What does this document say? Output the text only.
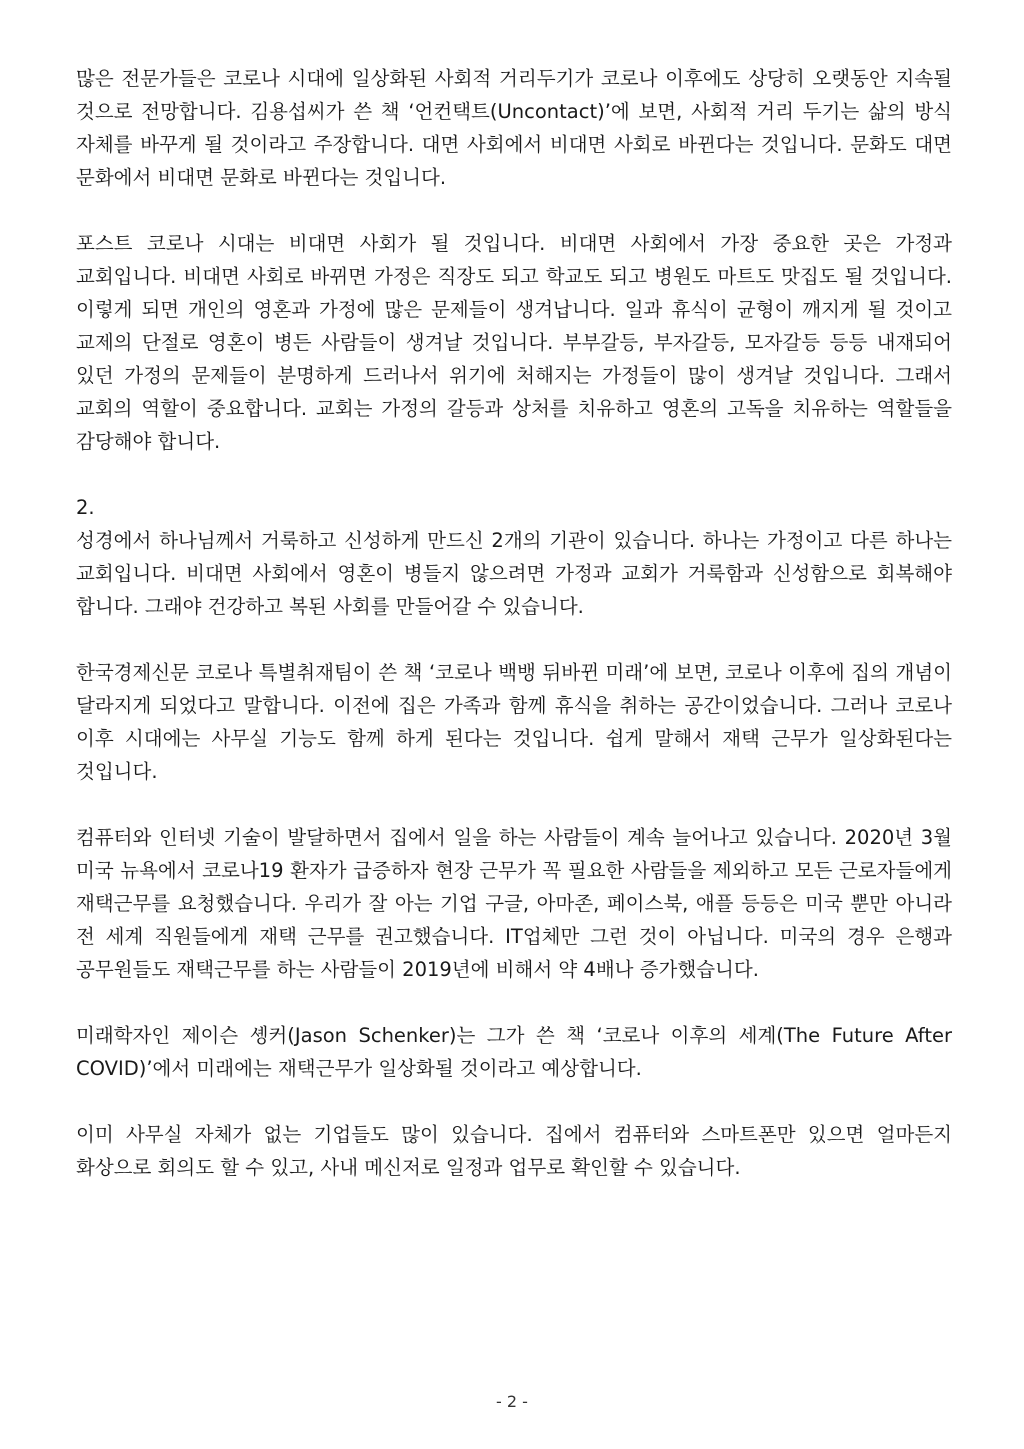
많은 전문가들은 코로나 시대에 일상화된 사회적 거리두기가 코로나 이후에도 상당히 오랫동안 지속될 것으로 전망합니다. 김용섭씨가 쓴 책 ‘언컨택트(Uncontact)’에 보면, 사회적 거리 두기는 삶의 방식 자체를 바꾸게 될 것이라고 주장합니다. 대면 사회에서 비대면 사회로 바뀐다는 것입니다. 문화도 대면 문화에서 비대면 문화로 바뀐다는 것입니다.

포스트 코로나 시대는 비대면 사회가 될 것입니다. 비대면 사회에서 가장 중요한 곳은 가정과 교회입니다. 비대면 사회로 바뀌면 가정은 직장도 되고 학교도 되고 병원도 마트도 맛집도 될 것입니다. 이렇게 되면 개인의 영혼과 가정에 많은 문제들이 생겨납니다. 일과 휴식이 균형이 깨지게 될 것이고 교제의 단절로 영혼이 병든 사람들이 생겨날 것입니다. 부부갈등, 부자갈등, 모자갈등 등등 내재되어 있던 가정의 문제들이 분명하게 드러나서 위기에 처해지는 가정들이 많이 생겨날 것입니다. 그래서 교회의 역할이 중요합니다. 교회는 가정의 갈등과 상처를 치유하고 영혼의 고독을 치유하는 역할들을 감당해야 합니다.

2.

성경에서 하나님께서 거룩하고 신성하게 만드신 2개의 기관이 있습니다. 하나는 가정이고 다른 하나는 교회입니다. 비대면 사회에서 영혼이 병들지 않으려면 가정과 교회가 거룩함과 신성함으로 회복해야 합니다. 그래야 건강하고 복된 사회를 만들어갈 수 있습니다.

한국경제신문 코로나 특별취재팀이 쓴 책 ‘코로나 백뱅 뒤바뀐 미래’에 보면, 코로나 이후에 집의 개념이 달라지게 되었다고 말합니다. 이전에 집은 가족과 함께 휴식을 취하는 공간이었습니다. 그러나 코로나 이후 시대에는 사무실 기능도 함께 하게 된다는 것입니다. 쉽게 말해서 재택 근무가 일상화된다는 것입니다.

컴퓨터와 인터넷 기술이 발달하면서 집에서 일을 하는 사람들이 계속 늘어나고 있습니다. 2020년 3월 미국 뉴욕에서 코로나19 환자가 급증하자 현장 근무가 꼭 필요한 사람들을 제외하고 모든 근로자들에게 재택근무를 요청했습니다. 우리가 잘 아는 기업 구글, 아마존, 페이스북, 애플 등등은 미국 뿐만 아니라 전 세계 직원들에게 재택 근무를 권고했습니다. IT업체만 그런 것이 아닙니다. 미국의 경우 은행과 공무원들도 재택근무를 하는 사람들이 2019년에 비해서 약 4배나 증가했습니다.

미래학자인 제이슨 솅커(Jason Schenker)는 그가 쓴 책 ‘코로나 이후의 세계(The Future After COVID)’에서 미래에는 재택근무가 일상화될 것이라고 예상합니다.

이미 사무실 자체가 없는 기업들도 많이 있습니다. 집에서 컴퓨터와 스마트폰만 있으면 얼마든지 화상으로 회의도 할 수 있고, 사내 메신저로 일정과 업무로 확인할 수 있습니다.

- 2 -
